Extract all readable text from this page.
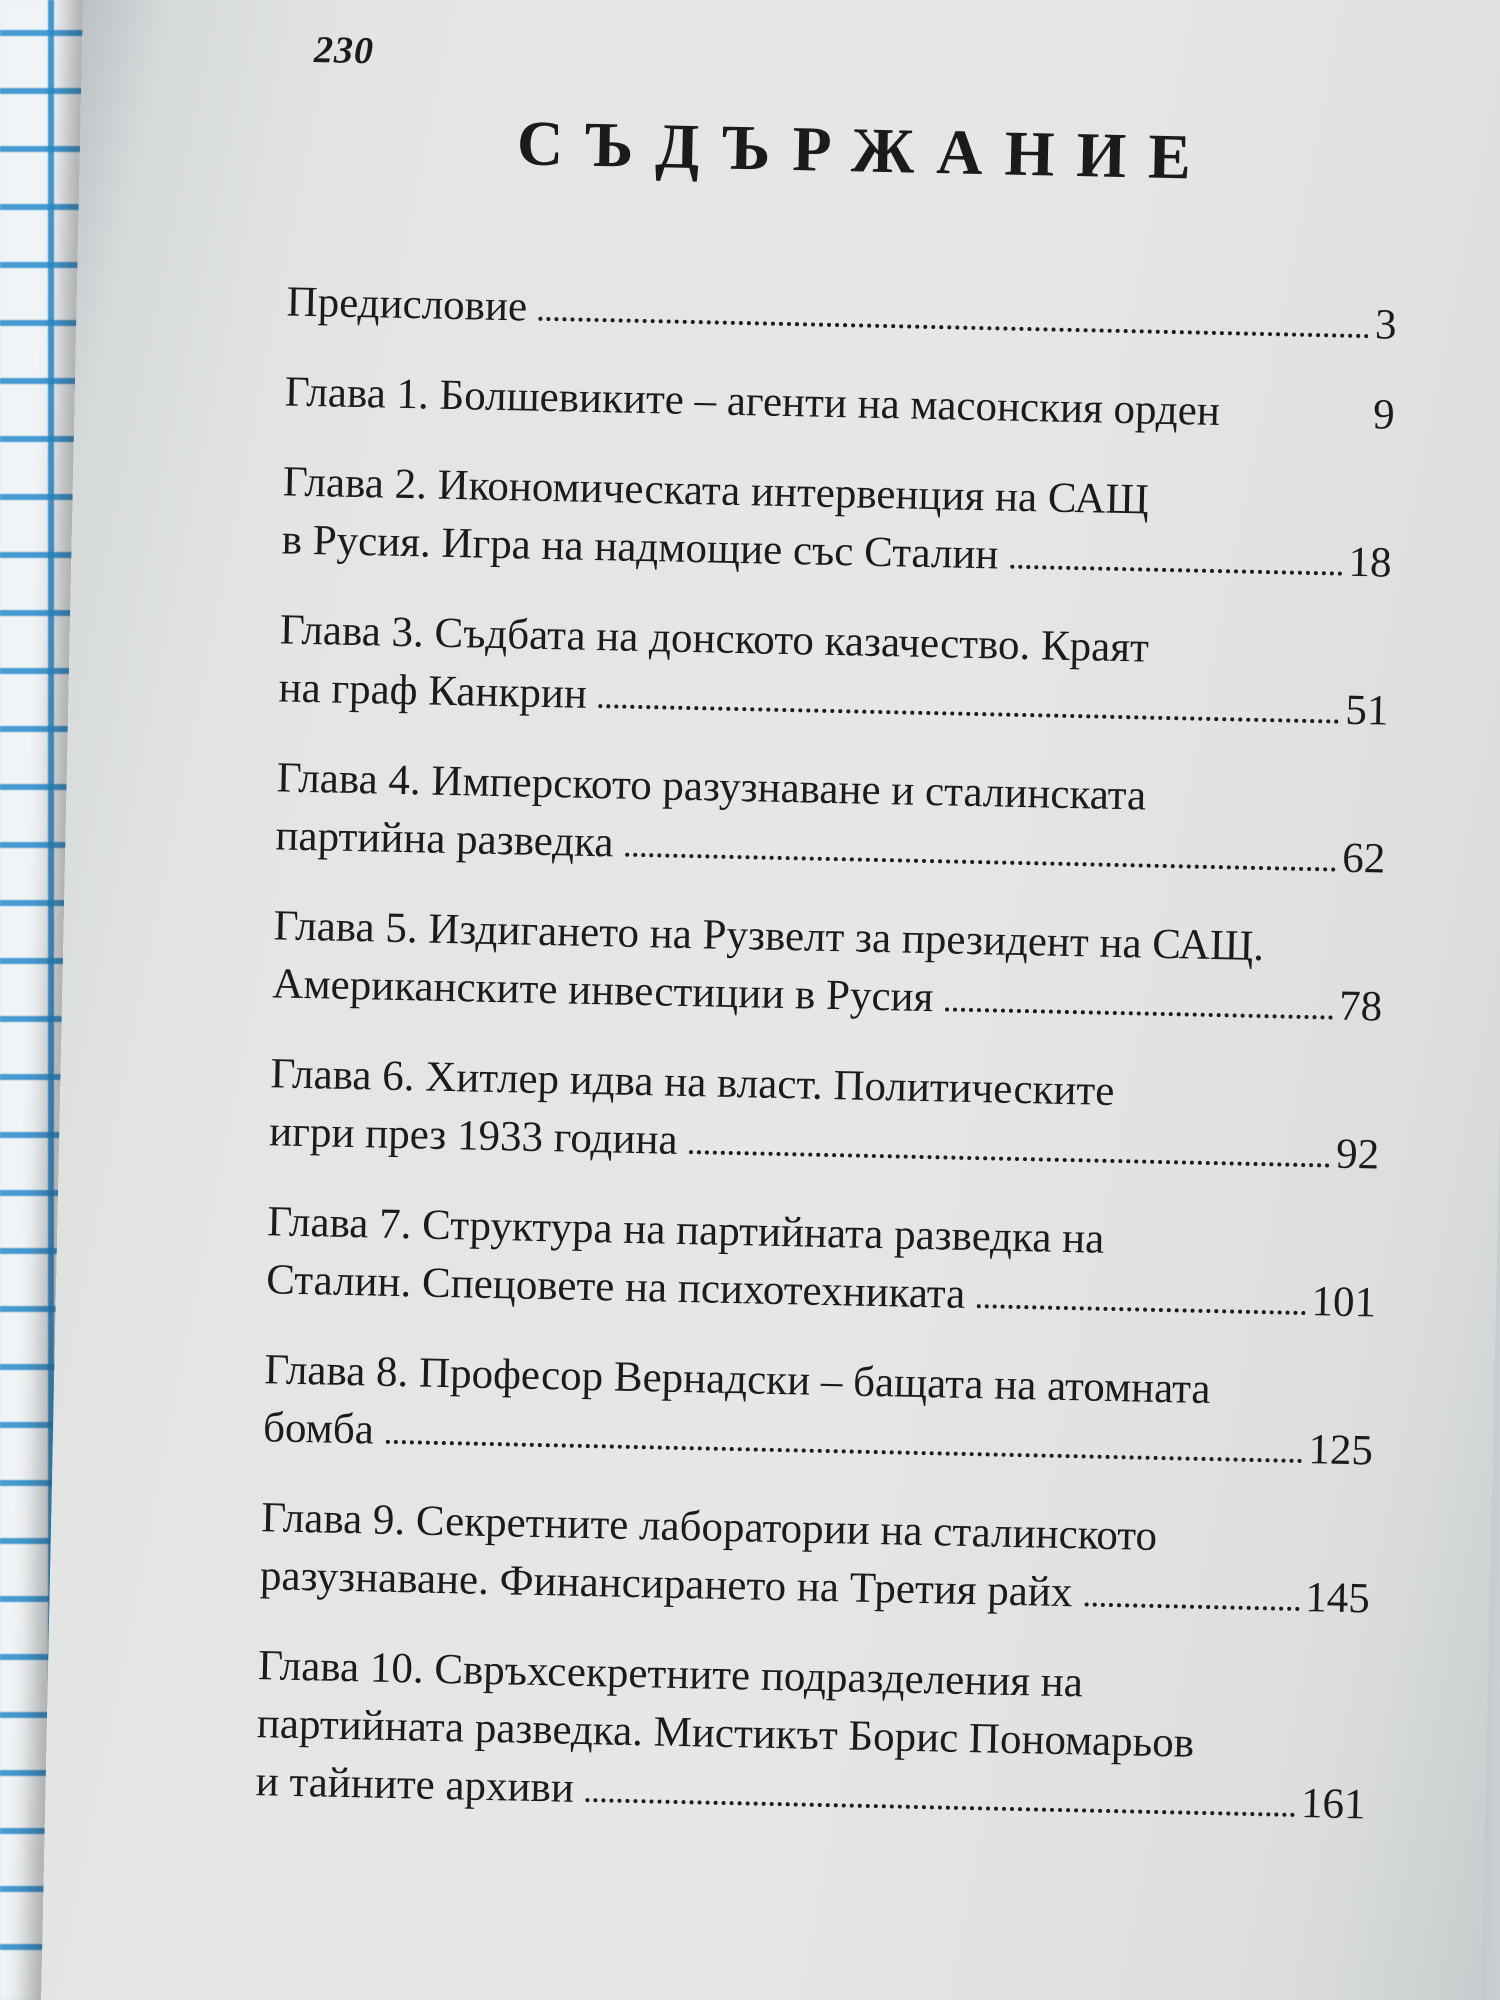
230
СЪДЪРЖАНИЕ
Предисловие	3
Глава 1. Болшевиките – агенти на масонския орден	9
Глава 2. Икономическата интервенция на САЩ
в Русия. Игра на надмощие със Сталин	18
Глава 3. Съдбата на донското казачество. Краят
на граф Канкрин	51
Глава 4. Имперското разузнаване и сталинската
партийна разведка	62
Глава 5. Издигането на Рузвелт за президент на САЩ.
Американските инвестиции в Русия	78
Глава 6. Хитлер идва на власт. Политическите
игри през 1933 година	92
Глава 7. Структура на партийната разведка на
Сталин. Спецовете на психотехниката	101
Глава 8. Професор Вернадски – бащата на атомната
бомба	125
Глава 9. Секретните лаборатории на сталинското
разузнаване. Финансирането на Третия райх	145
Глава 10. Свръхсекретните подразделения на
партийната разведка. Мистикът Борис Пономарьов
и тайните архиви	161
